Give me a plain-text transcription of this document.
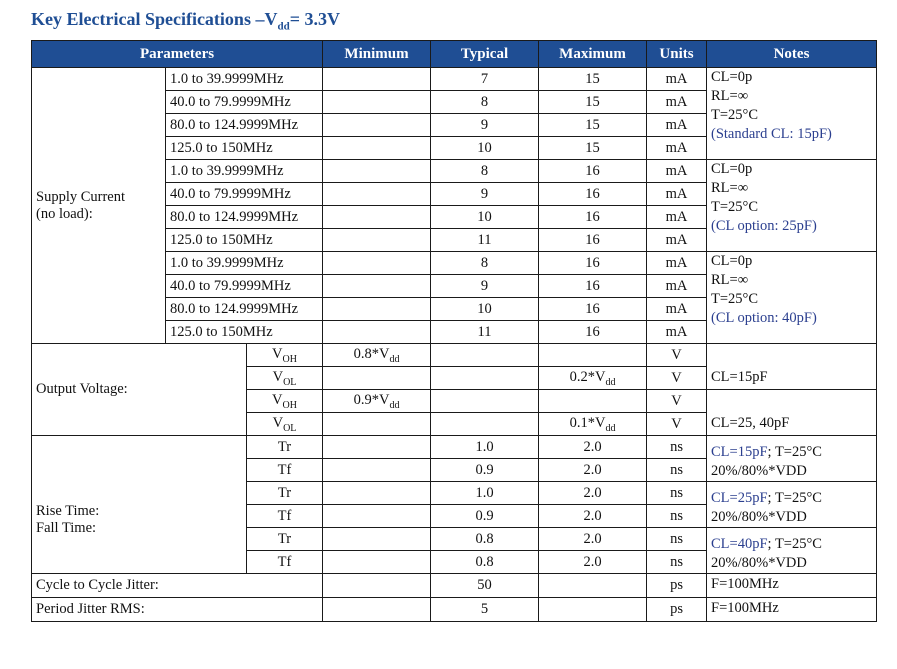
Key Electrical Specifications $-V_{dd}= 3.3V$
Parameters			Minimum	Typical	Maximum	Units	Notes
Supply Current
(no load):	1.0 to 39.9999MHz			7	15	mA	CL=0p
RL=∞
T=25°C
(Standard CL: 15pF)
	40.0 to 79.9999MHz			8	15	mA	
	80.0 to 124.9999MHz			9	15	mA	
	125.0 to 150MHz			10	15	mA	
	1.0 to 39.9999MHz			8	16	mA	CL=0p
RL=∞
T=25°C
(CL option: 25pF)
	40.0 to 79.9999MHz			9	16	mA	
	80.0 to 124.9999MHz			10	16	mA	
	125.0 to 150MHz			11	16	mA	
	1.0 to 39.9999MHz			8	16	mA	CL=0p
RL=∞
T=25°C
(CL option: 40pF)
	40.0 to 79.9999MHz			9	16	mA	
	80.0 to 124.9999MHz			10	16	mA	
	125.0 to 150MHz			11	16	mA	
Output Voltage:		$V_{OH}$	$0.8*V_{dd}$			V	CL=15pF
		$V_{OL}$			$0.2*V_{dd}$	V	
		$V_{OH}$	$0.9*V_{dd}$			V	CL=25, 40pF
		$V_{OL}$			$0.1*V_{dd}$	V	
Rise Time:
Fall Time:		Tr		1.0	2.0	ns	CL=15pF; T=25°C
20%/80%*VDD
		Tf		0.9	2.0	ns	
		Tr		1.0	2.0	ns	CL=25pF; T=25°C
20%/80%*VDD
		Tf		0.9	2.0	ns	
		Tr		0.8	2.0	ns	CL=40pF; T=25°C
20%/80%*VDD
		Tf		0.8	2.0	ns	
Cycle to Cycle Jitter:				50		ps	F=100MHz
Period Jitter RMS:				5		ps	F=100MHz
